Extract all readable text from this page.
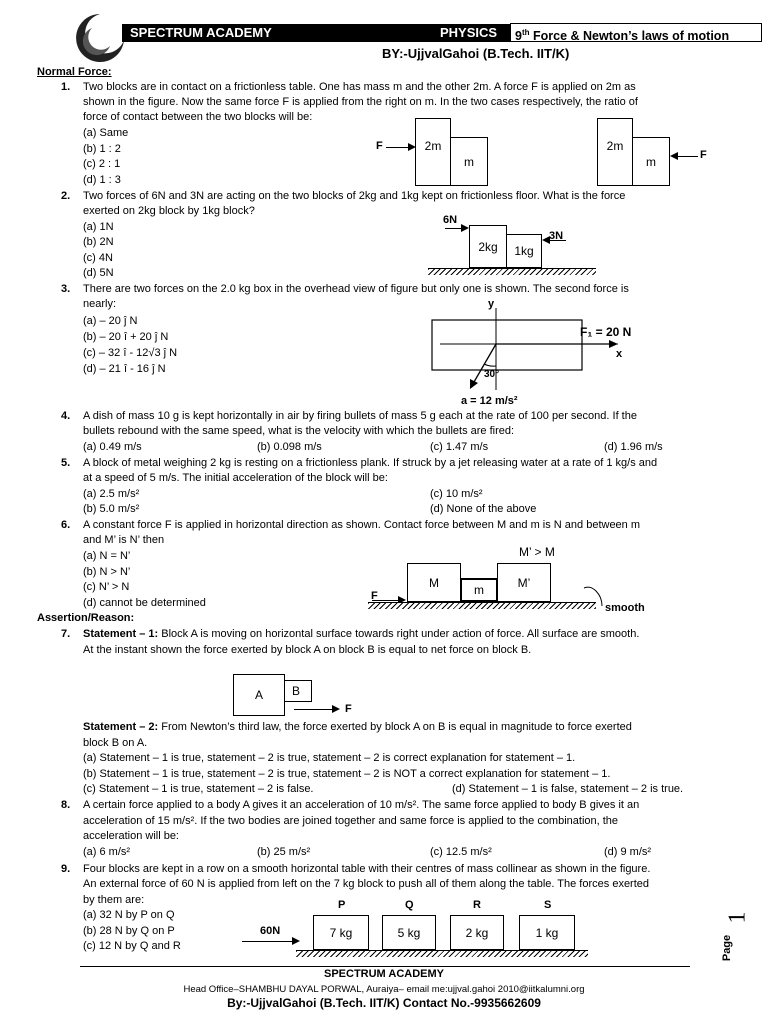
SPECTRUM ACADEMY	PHYSICS	9th Force & Newton’s laws of motion
BY:-UjjvalGahoi (B.Tech. IIT/K)
Normal Force:
1. Two blocks are in contact on a frictionless table. One has mass m and the other 2m. A force F is applied on 2m as
shown in the figure. Now the same force F is applied from the right on m. In the two cases respectively, the ratio of
force of contact between the two blocks will be:
(a) Same
(b) 1 : 2
(c) 2 : 1
(d) 1 : 3
F	2m
m
2m
m	F
2. Two forces of 6N and 3N are acting on the two blocks of 2kg and 1kg kept on frictionless floor. What is the force
exerted on 2kg block by 1kg block?
(a) 1N
(b) 2N
(c) 4N
(d) 5N
6N
2kg	1kg
3N
3. There are two forces on the 2.0 kg box in the overhead view of figure but only one is shown. The second force is
nearly:
(a) – 20 ĵ N
(b) – 20 î + 20 ĵ N
(c) – 32 î - 12√3 ĵ N
(d) – 21 î - 16 ĵ N
y
x
F₁ = 20 N
30°
a = 12 m/s²
4. A dish of mass 10 g is kept horizontally in air by firing bullets of mass 5 g each at the rate of 100 per second. If the
bullets rebound with the same speed, what is the velocity with which the bullets are fired:
(a) 0.49 m/s	(b) 0.098 m/s	(c) 1.47 m/s	(d) 1.96 m/s
5. A block of metal weighing 2 kg is resting on a frictionless plank. If struck by a jet releasing water at a rate of 1 kg/s and
at a speed of 5 m/s. The initial acceleration of the block will be:
(a) 2.5 m/s²	(c) 10 m/s²
(b) 5.0 m/s²	(d) None of the above
6. A constant force F is applied in horizontal direction as shown. Contact force between M and m is N and between m
and M’ is N’ then
(a) N = N’
(b) N > N’
(c) N’ > N
(d) cannot be determined
M’ > M
M
m
M’
F
smooth
Assertion/Reason:
7. Statement – 1: Block A is moving on horizontal surface towards right under action of force. All surface are smooth.
At the instant shown the force exerted by block A on block B is equal to net force on block B.
A	B
F
Statement – 2: From Newton’s third law, the force exerted by block A on B is equal in magnitude to force exerted
block B on A.
(a) Statement – 1 is true, statement – 2 is true, statement – 2 is correct explanation for statement – 1.
(b) Statement – 1 is true, statement – 2 is true, statement – 2 is NOT a correct explanation for statement – 1.
(c) Statement – 1 is true, statement – 2 is false.	(d) Statement – 1 is false, statement – 2 is true.
8. A certain force applied to a body A gives it an acceleration of 10 m/s². The same force applied to body B gives it an
acceleration of 15 m/s². If the two bodies are joined together and same force is applied to the combination, the
acceleration will be:
(a) 6 m/s²	(b) 25 m/s²	(c) 12.5 m/s²	(d) 9 m/s²
9. Four blocks are kept in a row on a smooth horizontal table with their centres of mass collinear as shown in the figure.
An external force of 60 N is applied from left on the 7 kg block to push all of them along the table. The forces exerted
by them are:
(a) 32 N by P on Q
(b) 28 N by Q on P
(c) 12 N by Q and R
60N
P	Q	R	S
7 kg	5 kg	2 kg	1 kg
Page
1
SPECTRUM ACADEMY
Head Office–SHAMBHU DAYAL PORWAL, Auraiya– email me:ujjval.gahoi 2010@iitkalumni.org
By:-UjjvalGahoi (B.Tech. IIT/K) Contact No.-9935662609
